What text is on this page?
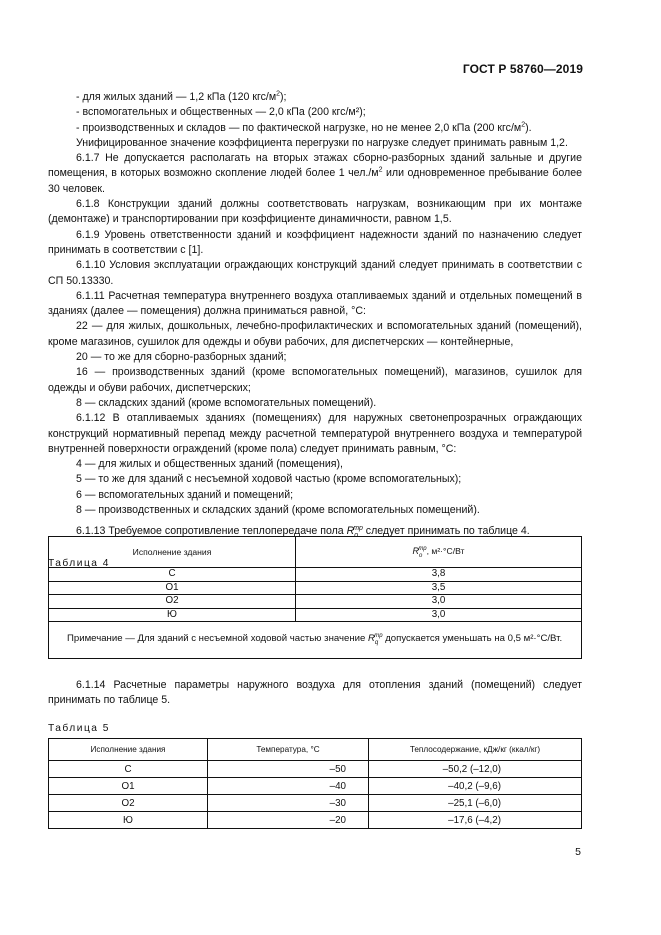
ГОСТ Р 58760—2019

- для жилых зданий — 1,2 кПа (120 кгс/$м^2$);

- вспомогательных и общественных — 2,0 кПа (200 кгс/м²);

- производственных и складов — по фактической нагрузке, но не менее 2,0 кПа (200 кгс/$м^2$).

Унифицированное значение коэффициента перегрузки по нагрузке следует принимать равным 1,2.

6.1.7 Не допускается располагать на вторых этажах сборно-разборных зданий зальные и другие помещения, в которых возможно скопление людей более 1 $чел./м^2$ или одновременное пребывание более 30 человек.

6.1.8 Конструкции зданий должны соответствовать нагрузкам, возникающим при их монтаже (демонтаже) и транспортировании при коэффициенте динамичности, равном 1,5.

6.1.9 Уровень ответственности зданий и коэффициент надежности зданий по назначению следует принимать в соответствии с [1].

6.1.10 Условия эксплуатации ограждающих конструкций зданий следует принимать в соответствии с СП 50.13330.

6.1.11 Расчетная температура внутреннего воздуха отапливаемых зданий и отдельных помещений в зданиях (далее — помещения) должна приниматься равной, °С:

22 — для жилых, дошкольных, лечебно-профилактических и вспомогательных зданий (помещений), кроме магазинов, сушилок для одежды и обуви рабочих, для диспетчерских — контейнерные,

20 — то же для сборно-разборных зданий;

16 — производственных зданий (кроме вспомогательных помещений), магазинов, сушилок для одежды и обуви рабочих, диспетчерских;

8 — складских зданий (кроме вспомогательных помещений).

6.1.12 В отапливаемых зданиях (помещениях) для наружных светонепрозрачных ограждающих конструкций нормативный перепад между расчетной температурой внутреннего воздуха и температурой внутренней поверхности ограждений (кроме пола) следует принимать равным, °С:

4 — для жилых и общественных зданий (помещения),

5 — то же для зданий с несъемной ходовой частью (кроме вспомогательных);

6 — вспомогательных зданий и помещений;

8 — производственных и складских зданий (кроме вспомогательных помещений).

6.1.13 Требуемое сопротивление теплопередаче пола $R_о^{тр}$ следует принимать по таблице 4.

Таблица 4

Исполнение здания	$R_о^{тр}$, м²·°С/Вт
С	3,8
О1	3,5
О2	3,0
Ю	3,0
Примечание — Для зданий с несъемной ходовой частью значение $R_q^{тр}$ допускается уменьшать на 0,5 м²·°С/Вт.	

6.1.14 Расчетные параметры наружного воздуха для отопления зданий (помещений) следует принимать по таблице 5.

Таблица 5

Исполнение здания	Температура, °С	Теплосодержание, кДж/кг (ккал/кг)
С	–50	–50,2 (–12,0)
О1	–40	–40,2 (–9,6)
О2	–30	–25,1 (–6,0)
Ю	–20	–17,6 (–4,2)
5
